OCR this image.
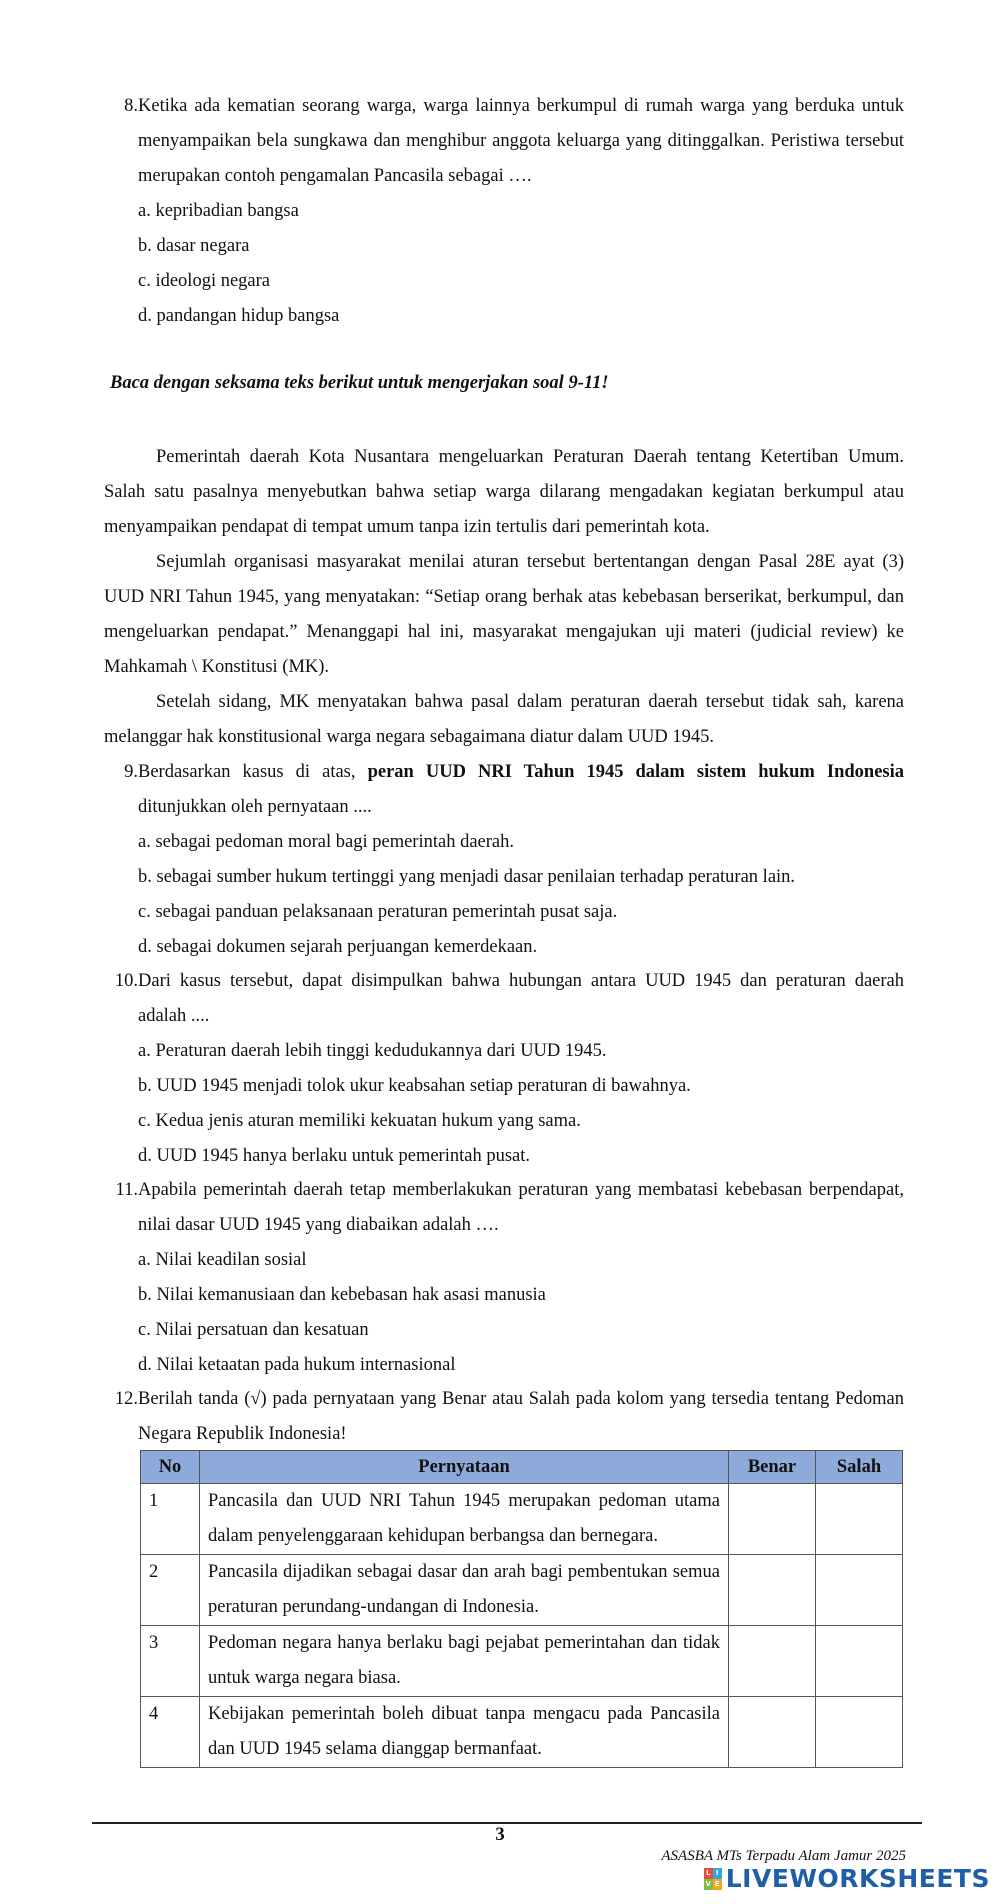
8. Ketika ada kematian seorang warga, warga lainnya berkumpul di rumah warga yang berduka untuk menyampaikan bela sungkawa dan menghibur anggota keluarga yang ditinggalkan. Peristiwa tersebut merupakan contoh pengamalan Pancasila sebagai ….
a. kepribadian bangsa
b. dasar negara
c. ideologi negara
d. pandangan hidup bangsa
Baca dengan seksama teks berikut untuk mengerjakan soal 9-11!

Pemerintah daerah Kota Nusantara mengeluarkan Peraturan Daerah tentang Ketertiban Umum. Salah satu pasalnya menyebutkan bahwa setiap warga dilarang mengadakan kegiatan berkumpul atau menyampaikan pendapat di tempat umum tanpa izin tertulis dari pemerintah kota.

Sejumlah organisasi masyarakat menilai aturan tersebut bertentangan dengan Pasal 28E ayat (3) UUD NRI Tahun 1945, yang menyatakan: “Setiap orang berhak atas kebebasan berserikat, berkumpul, dan mengeluarkan pendapat.” Menanggapi hal ini, masyarakat mengajukan uji materi (judicial review) ke Mahkamah \ Konstitusi (MK).

Setelah sidang, MK menyatakan bahwa pasal dalam peraturan daerah tersebut tidak sah, karena melanggar hak konstitusional warga negara sebagaimana diatur dalam UUD 1945.

9. Berdasarkan kasus di atas, peran UUD NRI Tahun 1945 dalam sistem hukum Indonesia ditunjukkan oleh pernyataan ....
a. sebagai pedoman moral bagi pemerintah daerah.
b. sebagai sumber hukum tertinggi yang menjadi dasar penilaian terhadap peraturan lain.
c. sebagai panduan pelaksanaan peraturan pemerintah pusat saja.
d. sebagai dokumen sejarah perjuangan kemerdekaan.
10. Dari kasus tersebut, dapat disimpulkan bahwa hubungan antara UUD 1945 dan peraturan daerah adalah ....
a. Peraturan daerah lebih tinggi kedudukannya dari UUD 1945.
b. UUD 1945 menjadi tolok ukur keabsahan setiap peraturan di bawahnya.
c. Kedua jenis aturan memiliki kekuatan hukum yang sama.
d. UUD 1945 hanya berlaku untuk pemerintah pusat.
11. Apabila pemerintah daerah tetap memberlakukan peraturan yang membatasi kebebasan berpendapat, nilai dasar UUD 1945 yang diabaikan adalah ….
a. Nilai keadilan sosial
b. Nilai kemanusiaan dan kebebasan hak asasi manusia
c. Nilai persatuan dan kesatuan
d. Nilai ketaatan pada hukum internasional
12. Berilah tanda (√) pada pernyataan yang Benar atau Salah pada kolom yang tersedia tentang Pedoman Negara Republik Indonesia!
No	Pernyataan	Benar	Salah
1	Pancasila dan UUD NRI Tahun 1945 merupakan pedoman utama dalam penyelenggaraan kehidupan berbangsa dan bernegara.		
2	Pancasila dijadikan sebagai dasar dan arah bagi pembentukan semua peraturan perundang-undangan di Indonesia.		
3	Pedoman negara hanya berlaku bagi pejabat pemerintahan dan tidak untuk warga negara biasa.		
4	Kebijakan pemerintah boleh dibuat tanpa mengacu pada Pancasila dan UUD 1945 selama dianggap bermanfaat.		
3
ASASBA MTs Terpadu Alam Jamur 2025
L I
V E LIVEWORKSHEETS
